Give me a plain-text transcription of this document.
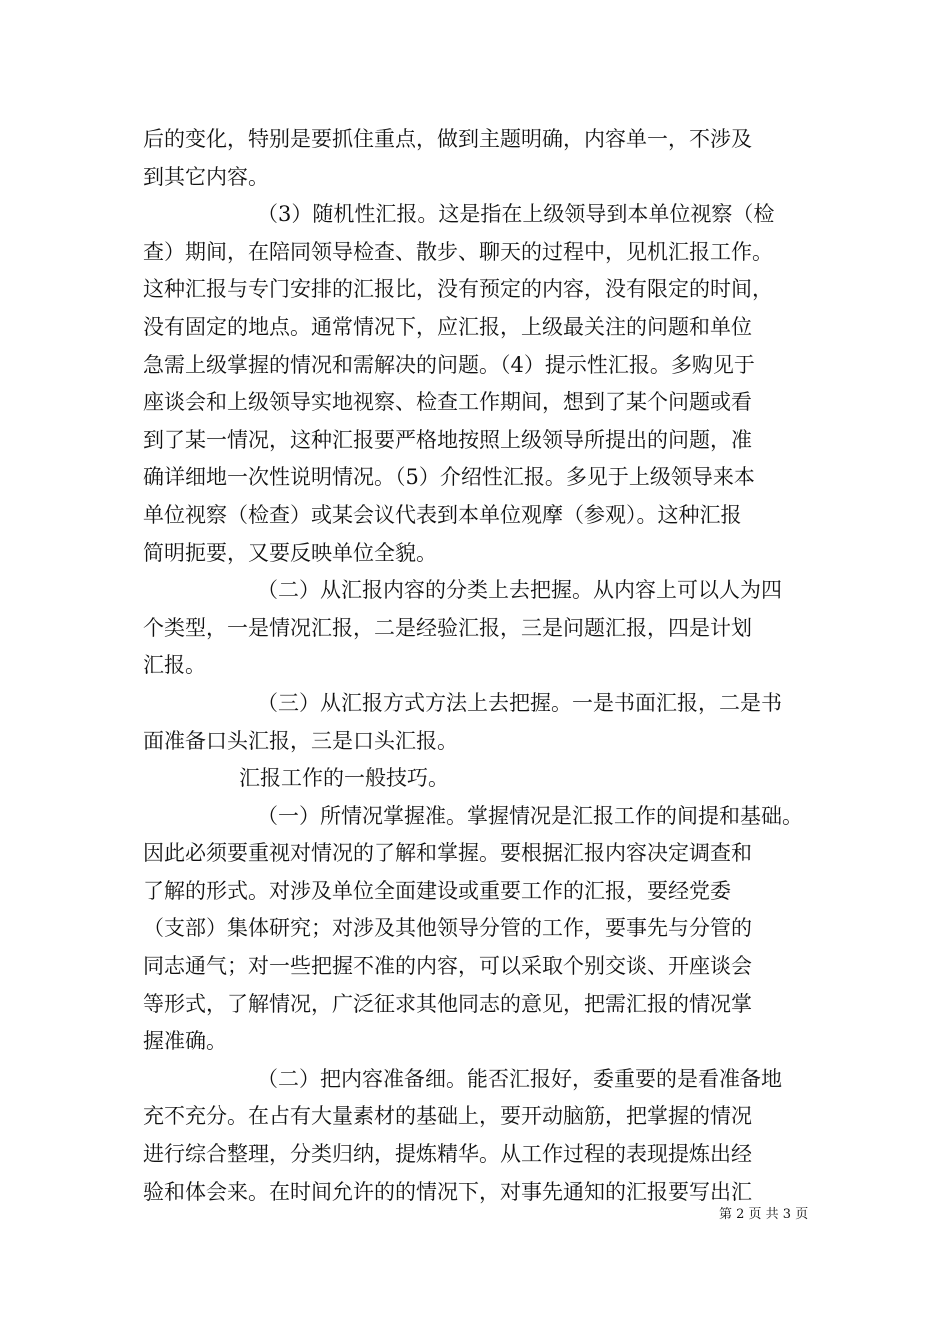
后的变化，特别是要抓住重点，做到主题明确，内容单一，不涉及
到其它内容。
（3）随机性汇报。这是指在上级领导到本单位视察（检
查）期间，在陪同领导检查、散步、聊天的过程中，见机汇报工作。
这种汇报与专门安排的汇报比，没有预定的内容，没有限定的时间，
没有固定的地点。通常情况下，应汇报，上级最关注的问题和单位
急需上级掌握的情况和需解决的问题。（4）提示性汇报。多购见于
座谈会和上级领导实地视察、检查工作期间，想到了某个问题或看
到了某一情况，这种汇报要严格地按照上级领导所提出的问题，准
确详细地一次性说明情况。（5）介绍性汇报。多见于上级领导来本
单位视察（检查）或某会议代表到本单位观摩（参观）。这种汇报
简明扼要，又要反映单位全貌。
（二）从汇报内容的分类上去把握。从内容上可以人为四
个类型，一是情况汇报，二是经验汇报，三是问题汇报，四是计划
汇报。
（三）从汇报方式方法上去把握。一是书面汇报，二是书
面准备口头汇报，三是口头汇报。
汇报工作的一般技巧。
（一）所情况掌握准。掌握情况是汇报工作的间提和基础。
因此必须要重视对情况的了解和掌握。要根据汇报内容决定调查和
了解的形式。对涉及单位全面建设或重要工作的汇报，要经党委
（支部）集体研究；对涉及其他领导分管的工作，要事先与分管的
同志通气；对一些把握不准的内容，可以采取个别交谈、开座谈会
等形式，了解情况，广泛征求其他同志的意见，把需汇报的情况掌
握准确。
（二）把内容准备细。能否汇报好，委重要的是看准备地
充不充分。在占有大量素材的基础上，要开动脑筋，把掌握的情况
进行综合整理，分类归纳，提炼精华。从工作过程的表现提炼出经
验和体会来。在时间允许的的情况下，对事先通知的汇报要写出汇
第 2 页 共 3 页
